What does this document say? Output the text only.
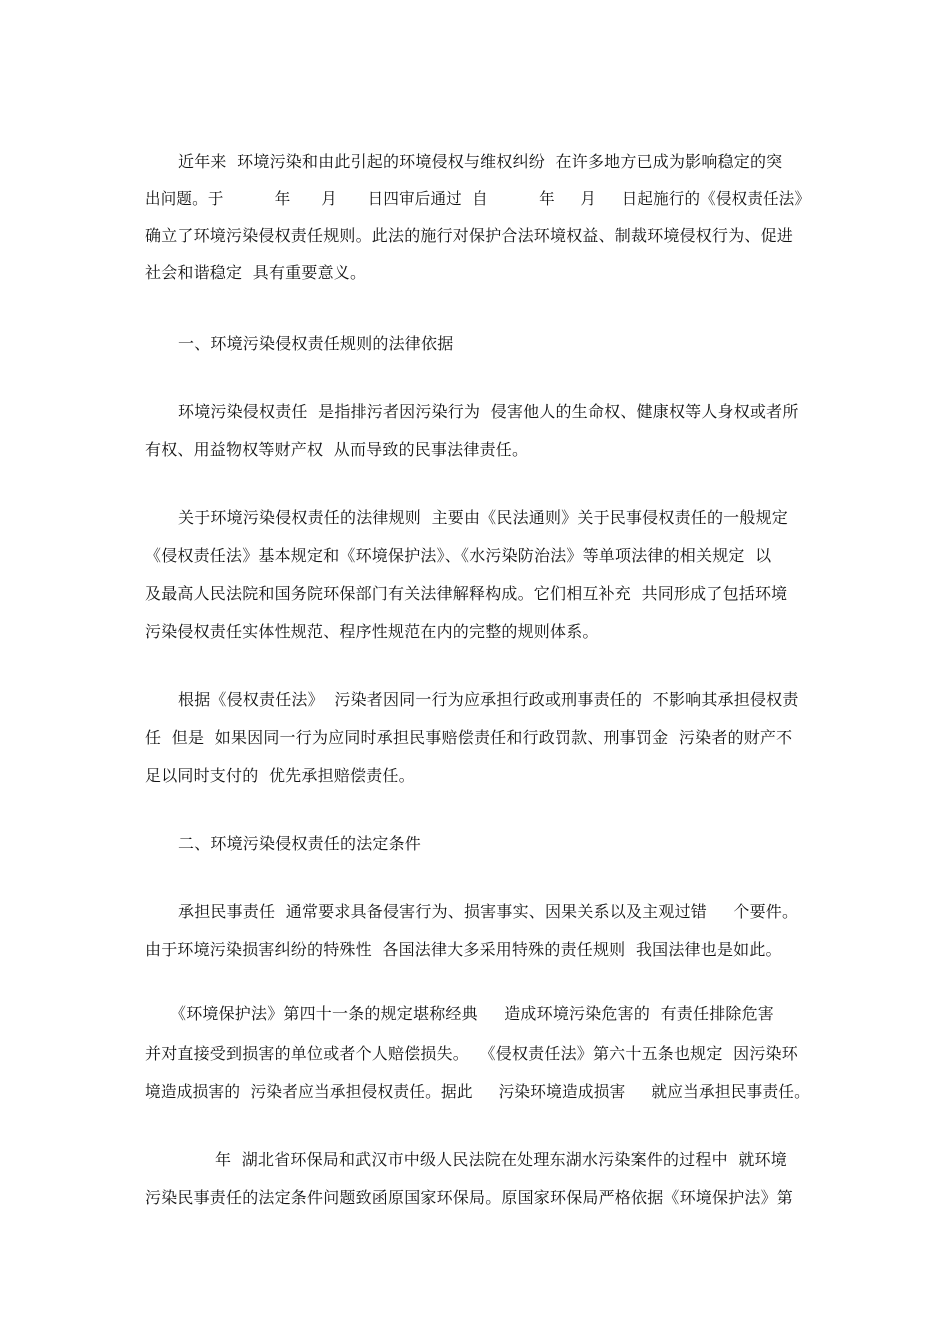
近年来  环境污染和由此引起的环境侵权与维权纠纷  在许多地方已成为影响稳定的突
出问题。于          年      月      日四审后通过  自          年     月     日起施行的《侵权责任法》
确立了环境污染侵权责任规则。此法的施行对保护合法环境权益、制裁环境侵权行为、促进
社会和谐稳定  具有重要意义。
一、环境污染侵权责任规则的法律依据
环境污染侵权责任  是指排污者因污染行为  侵害他人的生命权、健康权等人身权或者所
有权、用益物权等财产权  从而导致的民事法律责任。
关于环境污染侵权责任的法律规则  主要由《民法通则》关于民事侵权责任的一般规定
《侵权责任法》基本规定和《环境保护法》、《水污染防治法》等单项法律的相关规定  以
及最高人民法院和国务院环保部门有关法律解释构成。它们相互补充  共同形成了包括环境
污染侵权责任实体性规范、程序性规范在内的完整的规则体系。
根据《侵权责任法》  污染者因同一行为应承担行政或刑事责任的  不影响其承担侵权责
任  但是  如果因同一行为应同时承担民事赔偿责任和行政罚款、刑事罚金  污染者的财产不
足以同时支付的  优先承担赔偿责任。
二、环境污染侵权责任的法定条件
承担民事责任  通常要求具备侵害行为、损害事实、因果关系以及主观过错     个要件。
由于环境污染损害纠纷的特殊性  各国法律大多采用特殊的责任规则  我国法律也是如此。
《环境保护法》第四十一条的规定堪称经典     造成环境污染危害的  有责任排除危害
并对直接受到损害的单位或者个人赔偿损失。  《侵权责任法》第六十五条也规定  因污染环
境造成损害的  污染者应当承担侵权责任。据此     污染环境造成损害     就应当承担民事责任。
年  湖北省环保局和武汉市中级人民法院在处理东湖水污染案件的过程中  就环境
污染民事责任的法定条件问题致函原国家环保局。原国家环保局严格依据《环境保护法》第
